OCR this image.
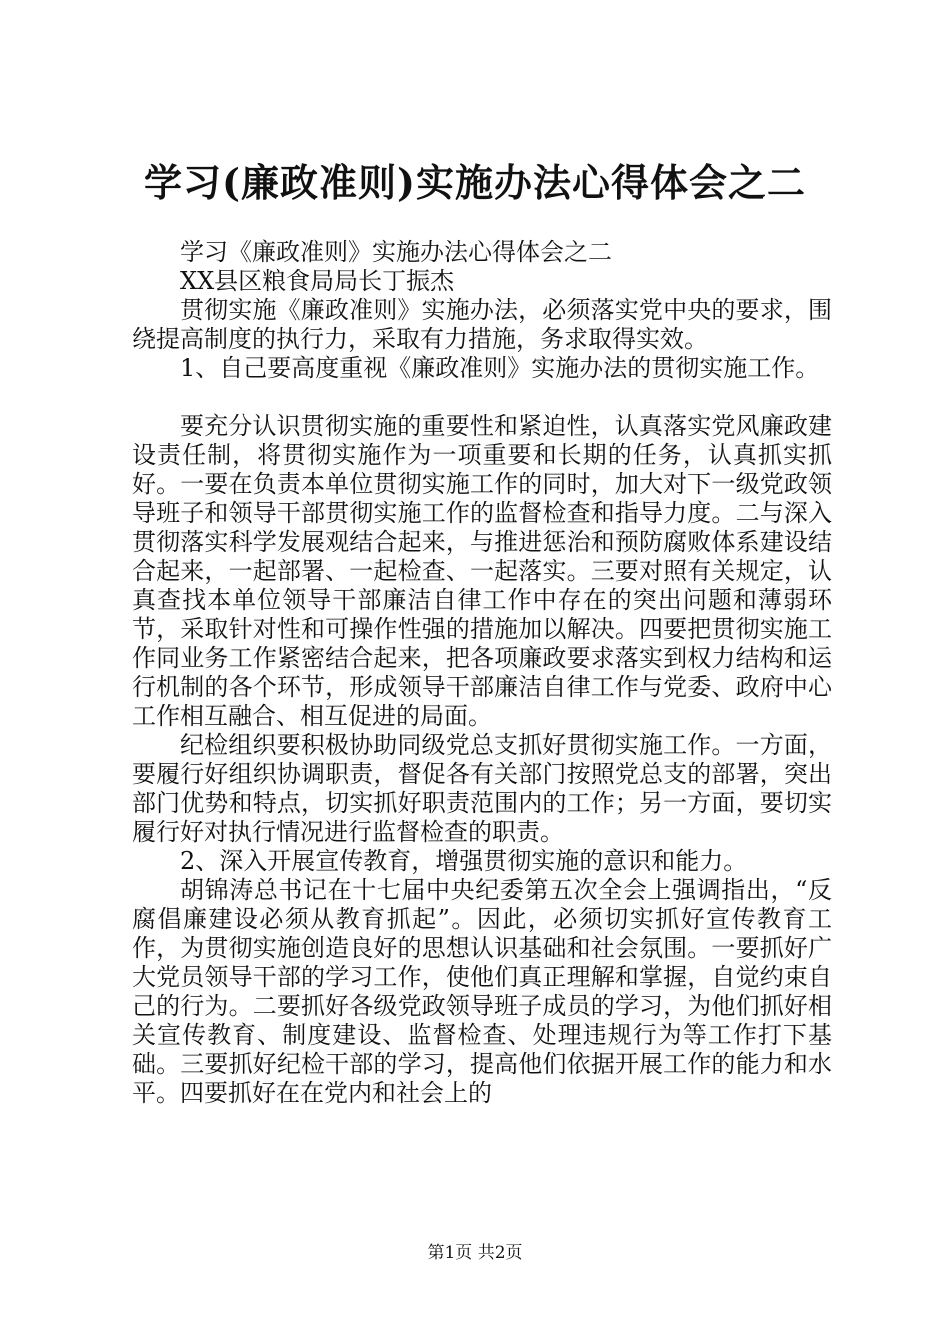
学习(廉政准则)实施办法心得体会之二

学习《廉政准则》实施办法心得体会之二

XX县区粮食局局长丁振杰

贯彻实施《廉政准则》实施办法，必须落实党中央的要求，围绕提高制度的执行力，采取有力措施，务求取得实效。

1、自己要高度重视《廉政准则》实施办法的贯彻实施工作。

要充分认识贯彻实施的重要性和紧迫性，认真落实党风廉政建设责任制，将贯彻实施作为一项重要和长期的任务，认真抓实抓好。一要在负责本单位贯彻实施工作的同时，加大对下一级党政领导班子和领导干部贯彻实施工作的监督检查和指导力度。二与深入贯彻落实科学发展观结合起来，与推进惩治和预防腐败体系建设结合起来，一起部署、一起检查、一起落实。三要对照有关规定，认真查找本单位领导干部廉洁自律工作中存在的突出问题和薄弱环节，采取针对性和可操作性强的措施加以解决。四要把贯彻实施工作同业务工作紧密结合起来，把各项廉政要求落实到权力结构和运行机制的各个环节，形成领导干部廉洁自律工作与党委、政府中心工作相互融合、相互促进的局面。

纪检组织要积极协助同级党总支抓好贯彻实施工作。一方面，要履行好组织协调职责，督促各有关部门按照党总支的部署，突出部门优势和特点，切实抓好职责范围内的工作；另一方面，要切实履行好对执行情况进行监督检查的职责。

2、深入开展宣传教育，增强贯彻实施的意识和能力。

胡锦涛总书记在十七届中央纪委第五次全会上强调指出，“反腐倡廉建设必须从教育抓起”。因此，必须切实抓好宣传教育工作，为贯彻实施创造良好的思想认识基础和社会氛围。一要抓好广大党员领导干部的学习工作，使他们真正理解和掌握，自觉约束自己的行为。二要抓好各级党政领导班子成员的学习，为他们抓好相关宣传教育、制度建设、监督检查、处理违规行为等工作打下基础。三要抓好纪检干部的学习，提高他们依据开展工作的能力和水平。四要抓好在在党内和社会上的

第1页 共2页
